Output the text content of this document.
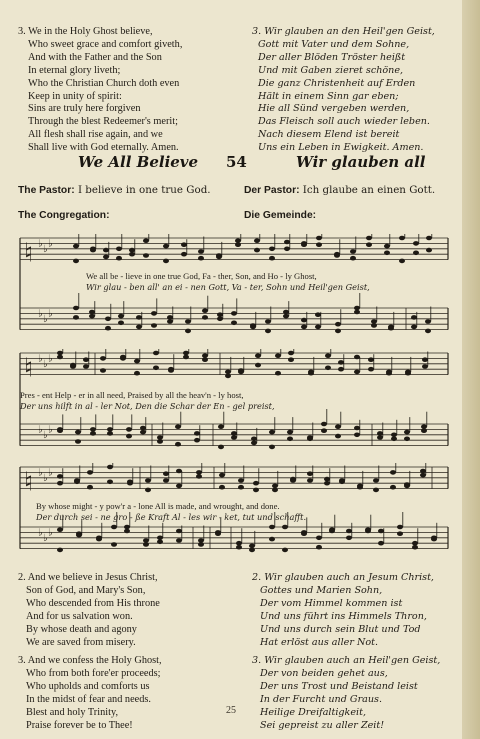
3. We in the Holy Ghost believe,
Who sweet grace and comfort giveth,
And with the Father and the Son
In eternal glory liveth;
Who the Christian Church doth even
Keep in unity of spirit:
Sins are truly here forgiven
Through the blest Redeemer's merit;
All flesh shall rise again, and we
Shall live with God eternally. Amen.
3. Wir glauben an den Heil'gen Geist,
Gott mit Vater und dem Sohne,
Der aller Blöden Tröster heißt
Und mit Gaben zieret schöne,
Die ganz Christenheit auf Erden
Hält in einem Sinn gar eben;
Hie all Sünd vergeben werden,
Das Fleisch soll auch wieder leben.
Nach diesem Elend ist bereit
Uns ein Leben in Ewigkeit. Amen.
We All Believe 54	Wir glauben all
The Pastor: I believe in one true God.	Der Pastor: Ich glaube an einen Gott.
The Congregation:	Die Gemeinde:
♮ ♭ ♭ ♭
♭ ♭ ♭
We all be - lieve in one true God, Fa - ther, Son, and Ho - ly Ghost,
Wir glau - ben all' an ei - nen Gott, Va - ter, Sohn und Heil'gen Geist,
♮ ♭ ♭ ♭
♭ ♭ ♭
Pres - ent Help - er in all need, Praised by all the heav'n - ly host,
Der uns hilft in al - ler Not, Den die Schar der En - gel preist,
♮ ♭ ♭ ♭
♭ ♭ ♭
By whose might - y pow'r a - lone All is made, and wrought, and done.
Der durch sei - ne gro - ße Kraft Al - les wir - ket, tut und schafft.
2. And we believe in Jesus Christ,
Son of God, and Mary's Son,
Who descended from His throne
And for us salvation won.
By whose death and agony
We are saved from misery.
3. And we confess the Holy Ghost,
Who from both fore'er proceeds;
Who upholds and comforts us
In the midst of fear and needs.
Blest and holy Trinity,
Praise forever be to Thee!
2. Wir glauben auch an Jesum Christ,
Gottes und Marien Sohn,
Der vom Himmel kommen ist
Und uns führt ins Himmels Thron,
Und uns durch sein Blut und Tod
Hat erlöst aus aller Not.
3. Wir glauben auch an Heil'gen Geist,
Der von beiden gehet aus,
Der uns Trost und Beistand leist
In der Furcht und Graus.
Heilige Dreifaltigkeit,
Sei gepreist zu aller Zeit!
25
